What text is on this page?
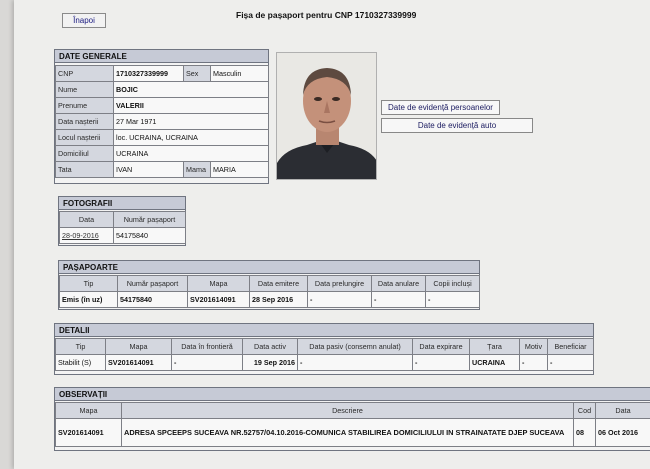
Fișa de pașaport pentru CNP 1710327339999
Înapoi
DATE GENERALE
CNP	1710327339999	Sex	Masculin
Nume	BOJIC		
Prenume	VALERII		
Data nașterii	27 Mar 1971		
Locul nașterii	loc. UCRAINA, UCRAINA		
Domiciliul	UCRAINA		
Tata	IVAN	Mama	MARIA
Date de evidență persoanelor
Date de evidență auto
FOTOGRAFII
Data	Număr pașaport
28-09-2016	54175840
PAȘAPOARTE
Tip	Număr pașaport	Mapa	Data emitere	Data prelungire	Data anulare	Copii incluși
Emis (în uz)	54175840	SV201614091	28 Sep 2016	-	-	-
DETALII
Tip	Mapa	Data în frontieră	Data activ	Data pasiv (consemn anulat)	Data expirare	Țara	Motiv	Beneficiar
Stabilit (S)	SV201614091	-	19 Sep 2016	-	-	UCRAINA	-	-
OBSERVAȚII
Mapa	Descriere	Cod	Data
SV201614091	ADRESA SPCEEPS SUCEAVA NR.52757/04.10.2016-COMUNICA STABILIREA DOMICILIULUI IN STRAINATATE DJEP SUCEAVA	08	06 Oct 2016
